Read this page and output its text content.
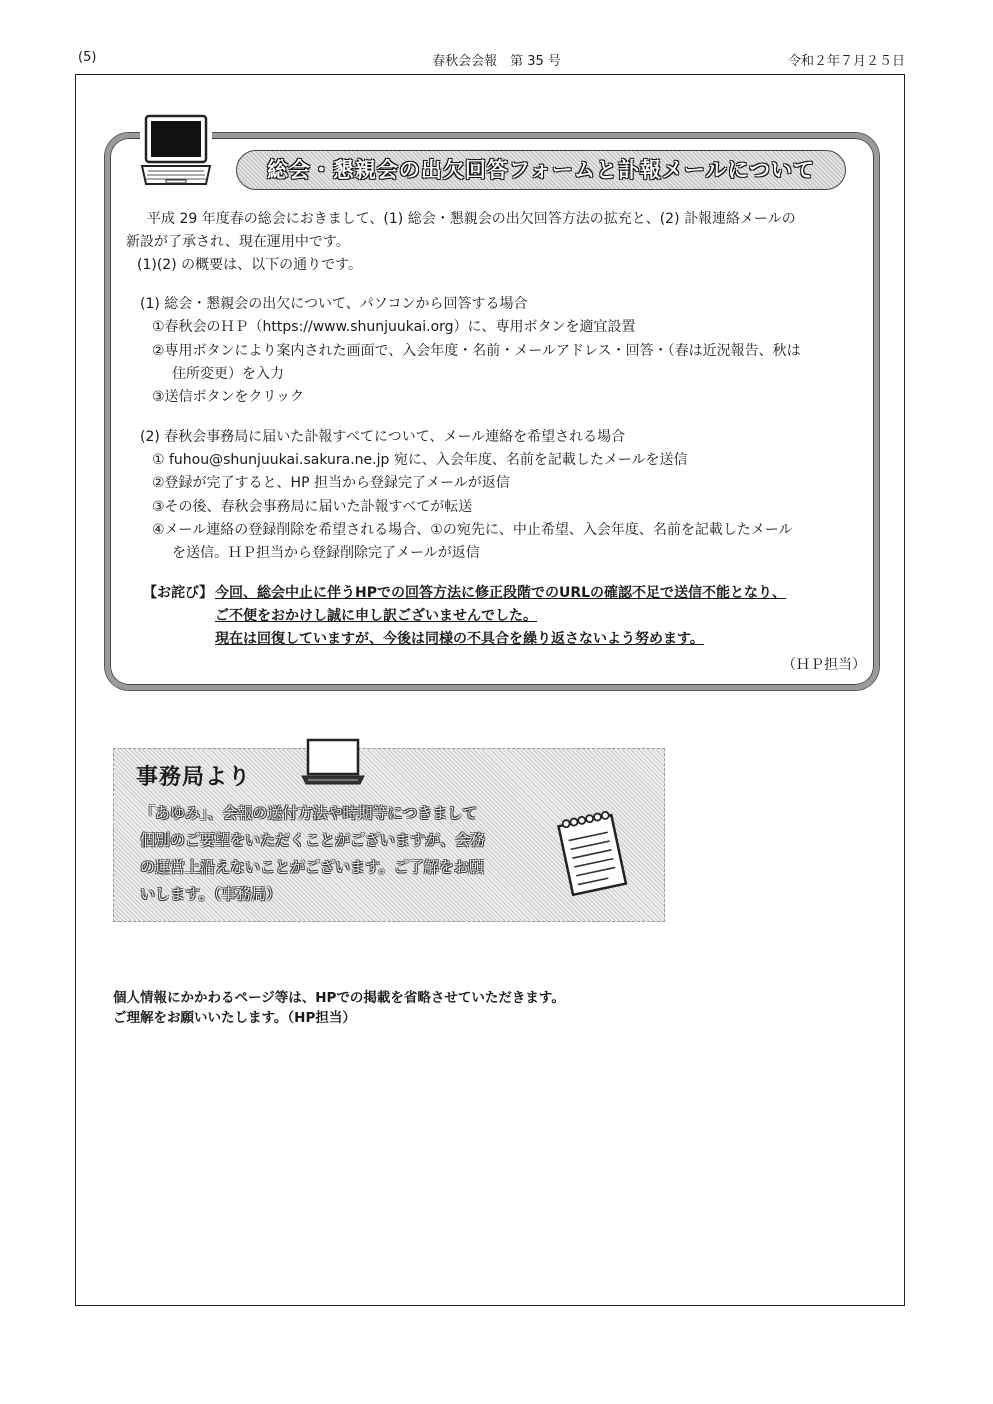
(5)	春秋会会報　第 35 号	令和２年７月２５日
総会・懇親会の出欠回答フォームと訃報メールについて
平成 29 年度春の総会におきまして、(1) 総会・懇親会の出欠回答方法の拡充と、(2) 訃報連絡メールの
新設が了承され、現在運用中です。
(1)(2) の概要は、以下の通りです。
(1) 総会・懇親会の出欠について、パソコンから回答する場合
①春秋会のＨＰ（https://www.shunjuukai.org）に、専用ボタンを適宜設置
②専用ボタンにより案内された画面で、入会年度・名前・メールアドレス・回答・（春は近況報告、秋は
住所変更）を入力
③送信ボタンをクリック
(2) 春秋会事務局に届いた訃報すべてについて、メール連絡を希望される場合
① fuhou@shunjuukai.sakura.ne.jp 宛に、入会年度、名前を記載したメールを送信
②登録が完了すると、HP 担当から登録完了メールが返信
③その後、春秋会事務局に届いた訃報すべてが転送
④メール連絡の登録削除を希望される場合、①の宛先に、中止希望、入会年度、名前を記載したメール
を送信。ＨＰ担当から登録削除完了メールが返信
【お詫び】 今回、総会中止に伴うHPでの回答方法に修正段階でのURLの確認不足で送信不能となり、
ご不便をおかけし誠に申し訳ございませんでした。
現在は回復していますが、今後は同様の不具合を繰り返さないよう努めます。
（ＨＰ担当）
事務局より
「あゆみ」、会報の送付方法や時期等につきまして
個別のご要望をいただくことがございますが、会務
の運営上沿えないことがございます。ご了解をお願
いします。（事務局）
個人情報にかかわるページ等は、HPでの掲載を省略させていただきます。
ご理解をお願いいたします。（HP担当）
